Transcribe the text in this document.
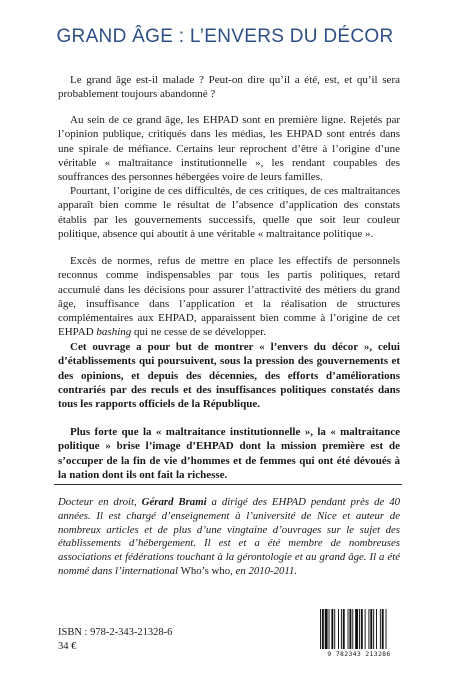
GRAND ÂGE : L’ENVERS DU DÉCOR

Le grand âge est-il malade ? Peut-on dire qu’il a été, est, et qu’il sera probablement toujours abandonné ?

Au sein de ce grand âge, les EHPAD sont en première ligne. Rejetés par l’opinion publique, critiqués dans les médias, les EHPAD sont entrés dans une spirale de méfiance. Certains leur reprochent d’être à l’origine d’une véritable « maltraitance institutionnelle », les rendant coupables des souffrances des personnes hébergées voire de leurs familles.

Pourtant, l’origine de ces difficultés, de ces critiques, de ces maltraitances apparaît bien comme le résultat de l’absence d’application des constats établis par les gouvernements successifs, quelle que soit leur couleur politique, absence qui aboutit à une véritable « maltraitance politique ».

Excès de normes, refus de mettre en place les effectifs de personnels reconnus comme indispensables par tous les partis politiques, retard accumulé dans les décisions pour assurer l’attractivité des métiers du grand âge, insuffisance dans l’application et la réalisation de structures complémentaires aux EHPAD, apparaissent bien comme à l’origine de cet EHPAD bashing qui ne cesse de se développer.

Cet ouvrage a pour but de montrer « l’envers du décor », celui d’établissements qui poursuivent, sous la pression des gouvernements et des opinions, et depuis des décennies, des efforts d’améliorations contrariés par des reculs et des insuffisances politiques constatés dans tous les rapports officiels de la République.

Plus forte que la « maltraitance institutionnelle », la « maltraitance politique » brise l’image d’EHPAD dont la mission première est de s’occuper de la fin de vie d’hommes et de femmes qui ont été dévoués à la nation dont ils ont fait la richesse.

Docteur en droit, Gérard Brami a dirigé des EHPAD pendant près de 40 années. Il est chargé d’enseignement à l’université de Nice et auteur de nombreux articles et de plus d’une vingtaine d’ouvrages sur le sujet des établissements d’hébergement. Il est et a été membre de nombreuses associations et fédérations touchant à la gérontologie et au grand âge. Il a été nommé dans l’international Who’s who, en 2010-2011.
ISBN : 978-2-343-21328-6
34 €
9 782343 213286
